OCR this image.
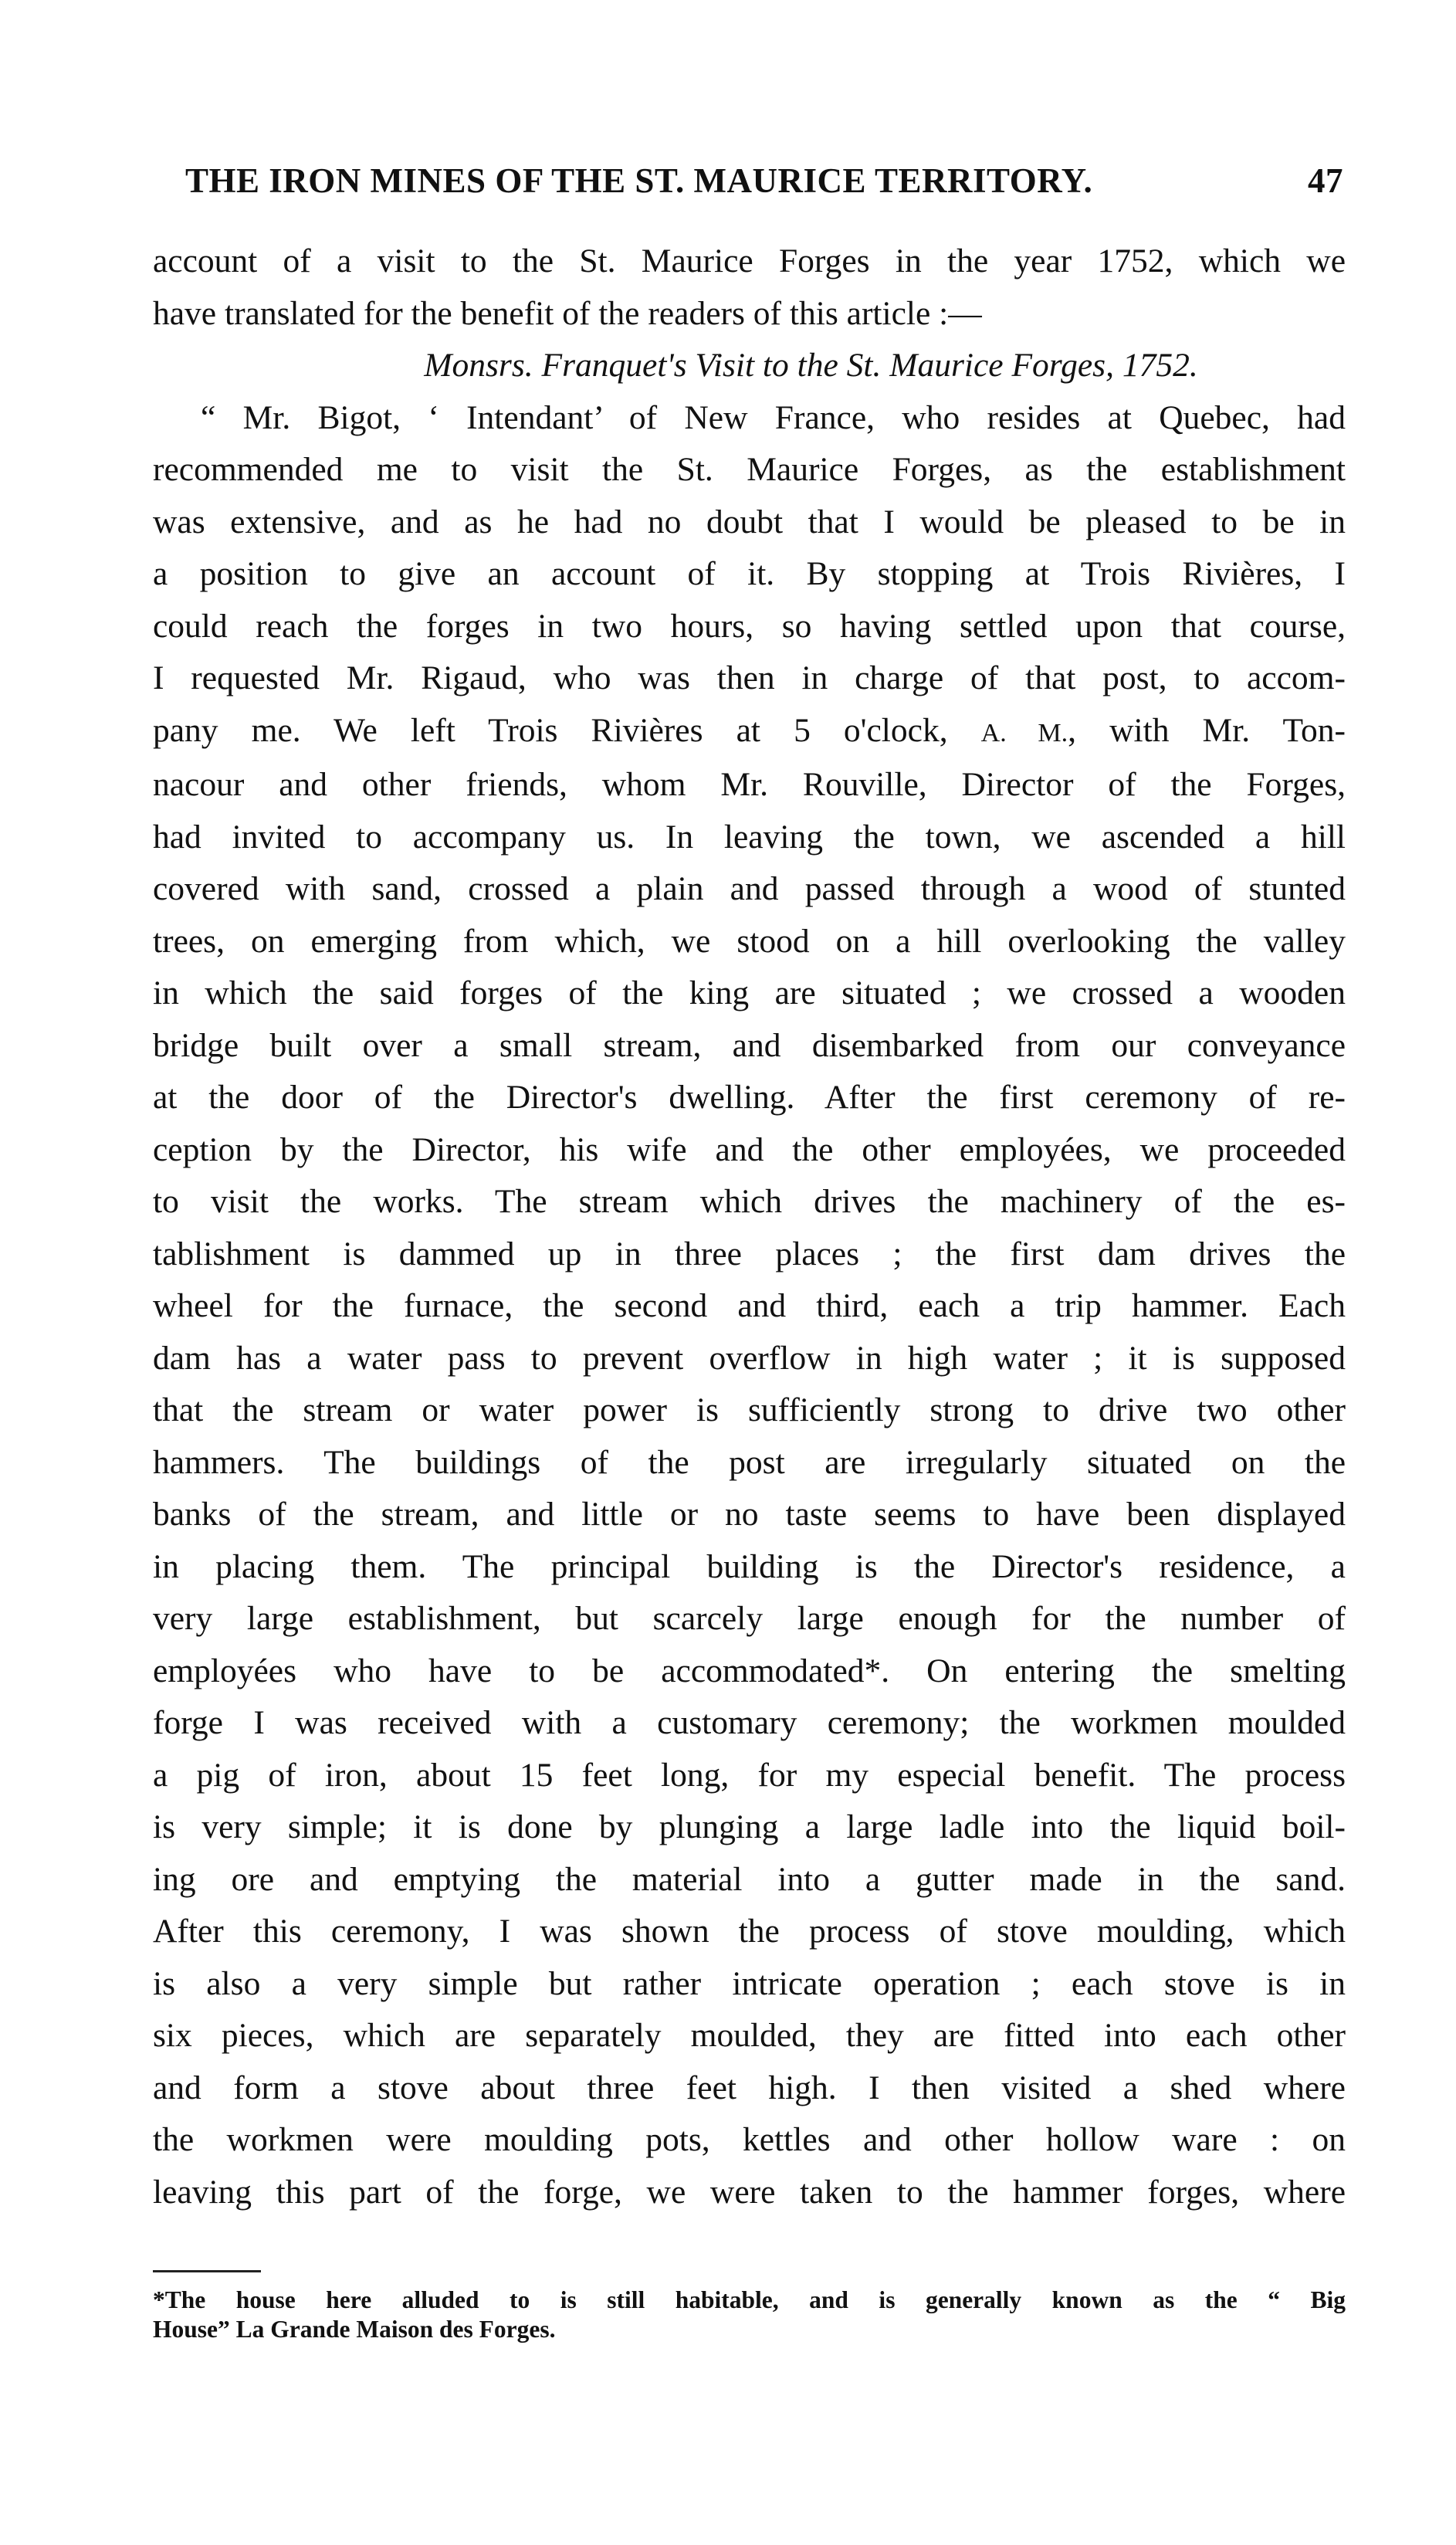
THE IRON MINES OF THE ST. MAURICE TERRITORY.	47
account of a visit to the St. Maurice Forges in the year 1752, which we
have translated for the benefit of the readers of this article :—
Monsrs. Franquet's Visit to the St. Maurice Forges, 1752.
“ Mr. Bigot, ‘ Intendant’ of New France, who resides at Quebec, had
recommended me to visit the St. Maurice Forges, as the establishment
was extensive, and as he had no doubt that I would be pleased to be in
a position to give an account of it. By stopping at Trois Rivières, I
could reach the forges in two hours, so having settled upon that course,
I requested Mr. Rigaud, who was then in charge of that post, to accom-
pany me. We left Trois Rivières at 5 o'clock, A. M., with Mr. Ton-
nacour and other friends, whom Mr. Rouville, Director of the Forges,
had invited to accompany us. In leaving the town, we ascended a hill
covered with sand, crossed a plain and passed through a wood of stunted
trees, on emerging from which, we stood on a hill overlooking the valley
in which the said forges of the king are situated ; we crossed a wooden
bridge built over a small stream, and disembarked from our conveyance
at the door of the Director's dwelling. After the first ceremony of re-
ception by the Director, his wife and the other employées, we proceeded
to visit the works. The stream which drives the machinery of the es-
tablishment is dammed up in three places ; the first dam drives the
wheel for the furnace, the second and third, each a trip hammer. Each
dam has a water pass to prevent overflow in high water ; it is supposed
that the stream or water power is sufficiently strong to drive two other
hammers. The buildings of the post are irregularly situated on the
banks of the stream, and little or no taste seems to have been displayed
in placing them. The principal building is the Director's residence, a
very large establishment, but scarcely large enough for the number of
employées who have to be accommodated*. On entering the smelting
forge I was received with a customary ceremony; the workmen moulded
a pig of iron, about 15 feet long, for my especial benefit. The process
is very simple; it is done by plunging a large ladle into the liquid boil-
ing ore and emptying the material into a gutter made in the sand.
After this ceremony, I was shown the process of stove moulding, which
is also a very simple but rather intricate operation ; each stove is in
six pieces, which are separately moulded, they are fitted into each other
and form a stove about three feet high. I then visited a shed where
the workmen were moulding pots, kettles and other hollow ware : on
leaving this part of the forge, we were taken to the hammer forges, where
*The house here alluded to is still habitable, and is generally known as the “ Big
House” La Grande Maison des Forges.
